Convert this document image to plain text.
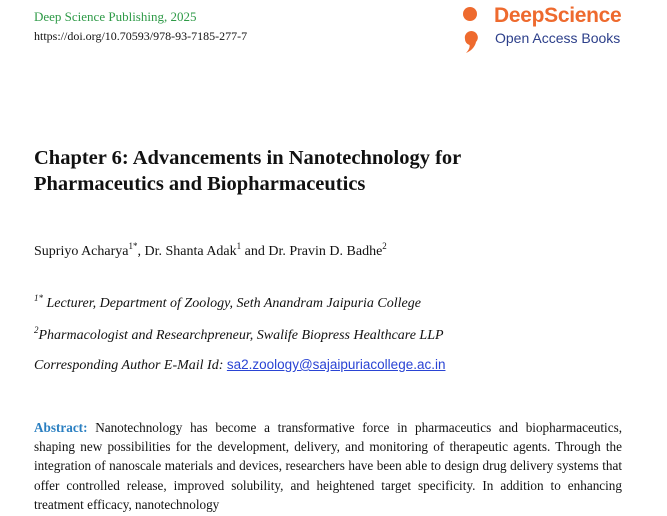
Deep Science Publishing, 2025
https://doi.org/10.70593/978-93-7185-277-7
DeepScience
Open Access Books
Chapter 6: Advancements in Nanotechnology for
Pharmaceutics and Biopharmaceutics
Supriyo Acharya$^{1*}$, Dr. Shanta Adak$^1$ and Dr. Pravin D. Badhe$^2$
$^{1*}$ Lecturer, Department of Zoology, Seth Anandram Jaipuria College
$^2$Pharmacologist and Researchpreneur, Swalife Biopress Healthcare LLP
Corresponding Author E-Mail Id: sa2.zoology@sajaipuriacollege.ac.in

Abstract: Nanotechnology has become a transformative force in pharmaceutics and biopharmaceutics, shaping new possibilities for the development, delivery, and monitoring of therapeutic agents. Through the integration of nanoscale materials and devices, researchers have been able to design drug delivery systems that offer controlled release, improved solubility, and heightened target specificity. In addition to enhancing treatment efficacy, nanotechnology
